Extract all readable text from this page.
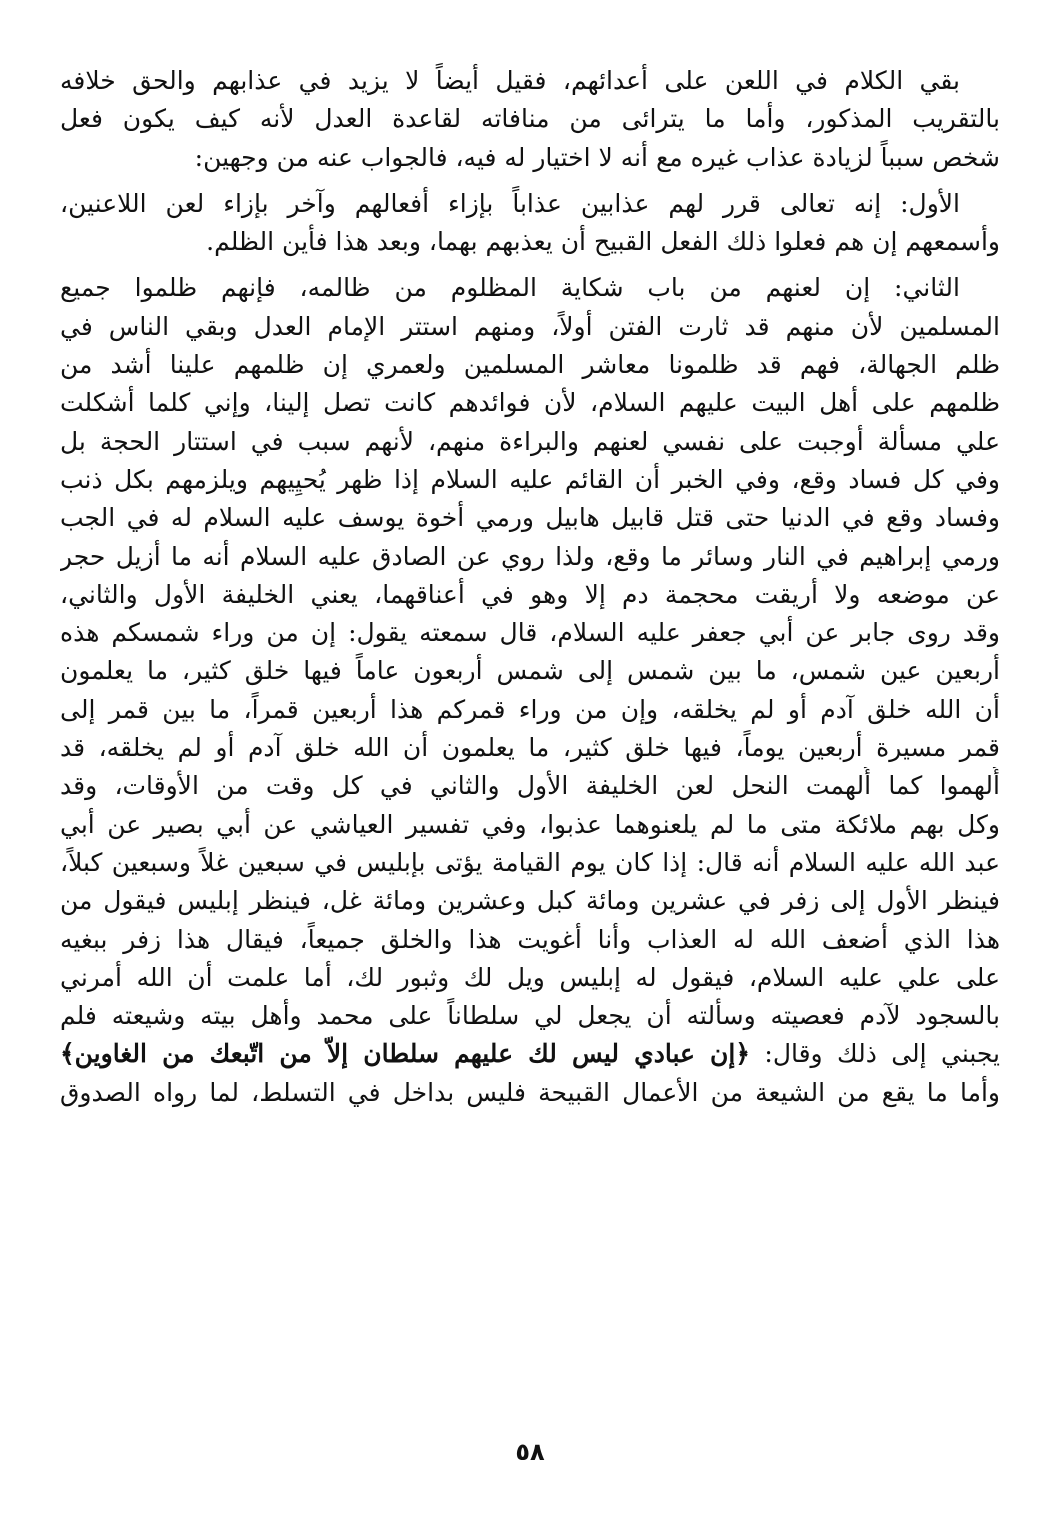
بقي الكلام في اللعن على أعدائهم، فقيل أيضاً لا يزيد في عذابهم والحق خلافه
بالتقريب المذكور، وأما ما يترائى من منافاته لقاعدة العدل لأنه كيف يكون فعل
شخص سبباً لزيادة عذاب غيره مع أنه لا اختيار له فيه، فالجواب عنه من وجهين:
الأول: إنه تعالى قرر لهم عذابين عذاباً بإزاء أفعالهم وآخر بإزاء لعن اللاعنين،
وأسمعهم إن هم فعلوا ذلك الفعل القبيح أن يعذبهم بهما، وبعد هذا فأين الظلم.
الثاني: إن لعنهم من باب شكاية المظلوم من ظالمه، فإنهم ظلموا جميع
المسلمين لأن منهم قد ثارت الفتن أولاً، ومنهم استتر الإمام العدل وبقي الناس في
ظلم الجهالة، فهم قد ظلمونا معاشر المسلمين ولعمري إن ظلمهم علينا أشد من
ظلمهم على أهل البيت عليهم السلام، لأن فوائدهم كانت تصل إلينا، وإني كلما أشكلت
علي مسألة أوجبت على نفسي لعنهم والبراءة منهم، لأنهم سبب في استتار الحجة بل
وفي كل فساد وقع، وفي الخبر أن القائم عليه السلام إذا ظهر يُحيِيهم ويلزمهم بكل ذنب
وفساد وقع في الدنيا حتى قتل قابيل هابيل ورمي أخوة يوسف عليه السلام له في الجب
ورمي إبراهيم في النار وسائر ما وقع، ولذا روي عن الصادق عليه السلام أنه ما أزيل حجر
عن موضعه ولا أريقت محجمة دم إلا وهو في أعناقهما، يعني الخليفة الأول والثاني،
وقد روى جابر عن أبي جعفر عليه السلام، قال سمعته يقول: إن من وراء شمسكم هذه
أربعين عين شمس، ما بين شمس إلى شمس أربعون عاماً فيها خلق كثير، ما يعلمون
أن الله خلق آدم أو لم يخلقه، وإن من وراء قمركم هذا أربعين قمراً، ما بين قمر إلى
قمر مسيرة أربعين يوماً، فيها خلق كثير، ما يعلمون أن الله خلق آدم أو لم يخلقه، قد
أُلهموا كما أُلهمت النحل لعن الخليفة الأول والثاني في كل وقت من الأوقات، وقد
وكل بهم ملائكة متى ما لم يلعنوهما عذبوا، وفي تفسير العياشي عن أبي بصير عن أبي
عبد الله عليه السلام أنه قال: إذا كان يوم القيامة يؤتى بإبليس في سبعين غلاً وسبعين كبلاً،
فينظر الأول إلى زفر في عشرين ومائة كبل وعشرين ومائة غل، فينظر إبليس فيقول من
هذا الذي أضعف الله له العذاب وأنا أغويت هذا والخلق جميعاً، فيقال هذا زفر ببغيه
على علي عليه السلام، فيقول له إبليس ويل لك وثبور لك، أما علمت أن الله أمرني
بالسجود لآدم فعصيته وسألته أن يجعل لي سلطاناً على محمد وأهل بيته وشيعته فلم
يجبني إلى ذلك وقال: ﴿إن عبادي ليس لك عليهم سلطان إلاّ من اتّبعك من الغاوين﴾
وأما ما يقع من الشيعة من الأعمال القبيحة فليس بداخل في التسلط، لما رواه الصدوق
٥٨
